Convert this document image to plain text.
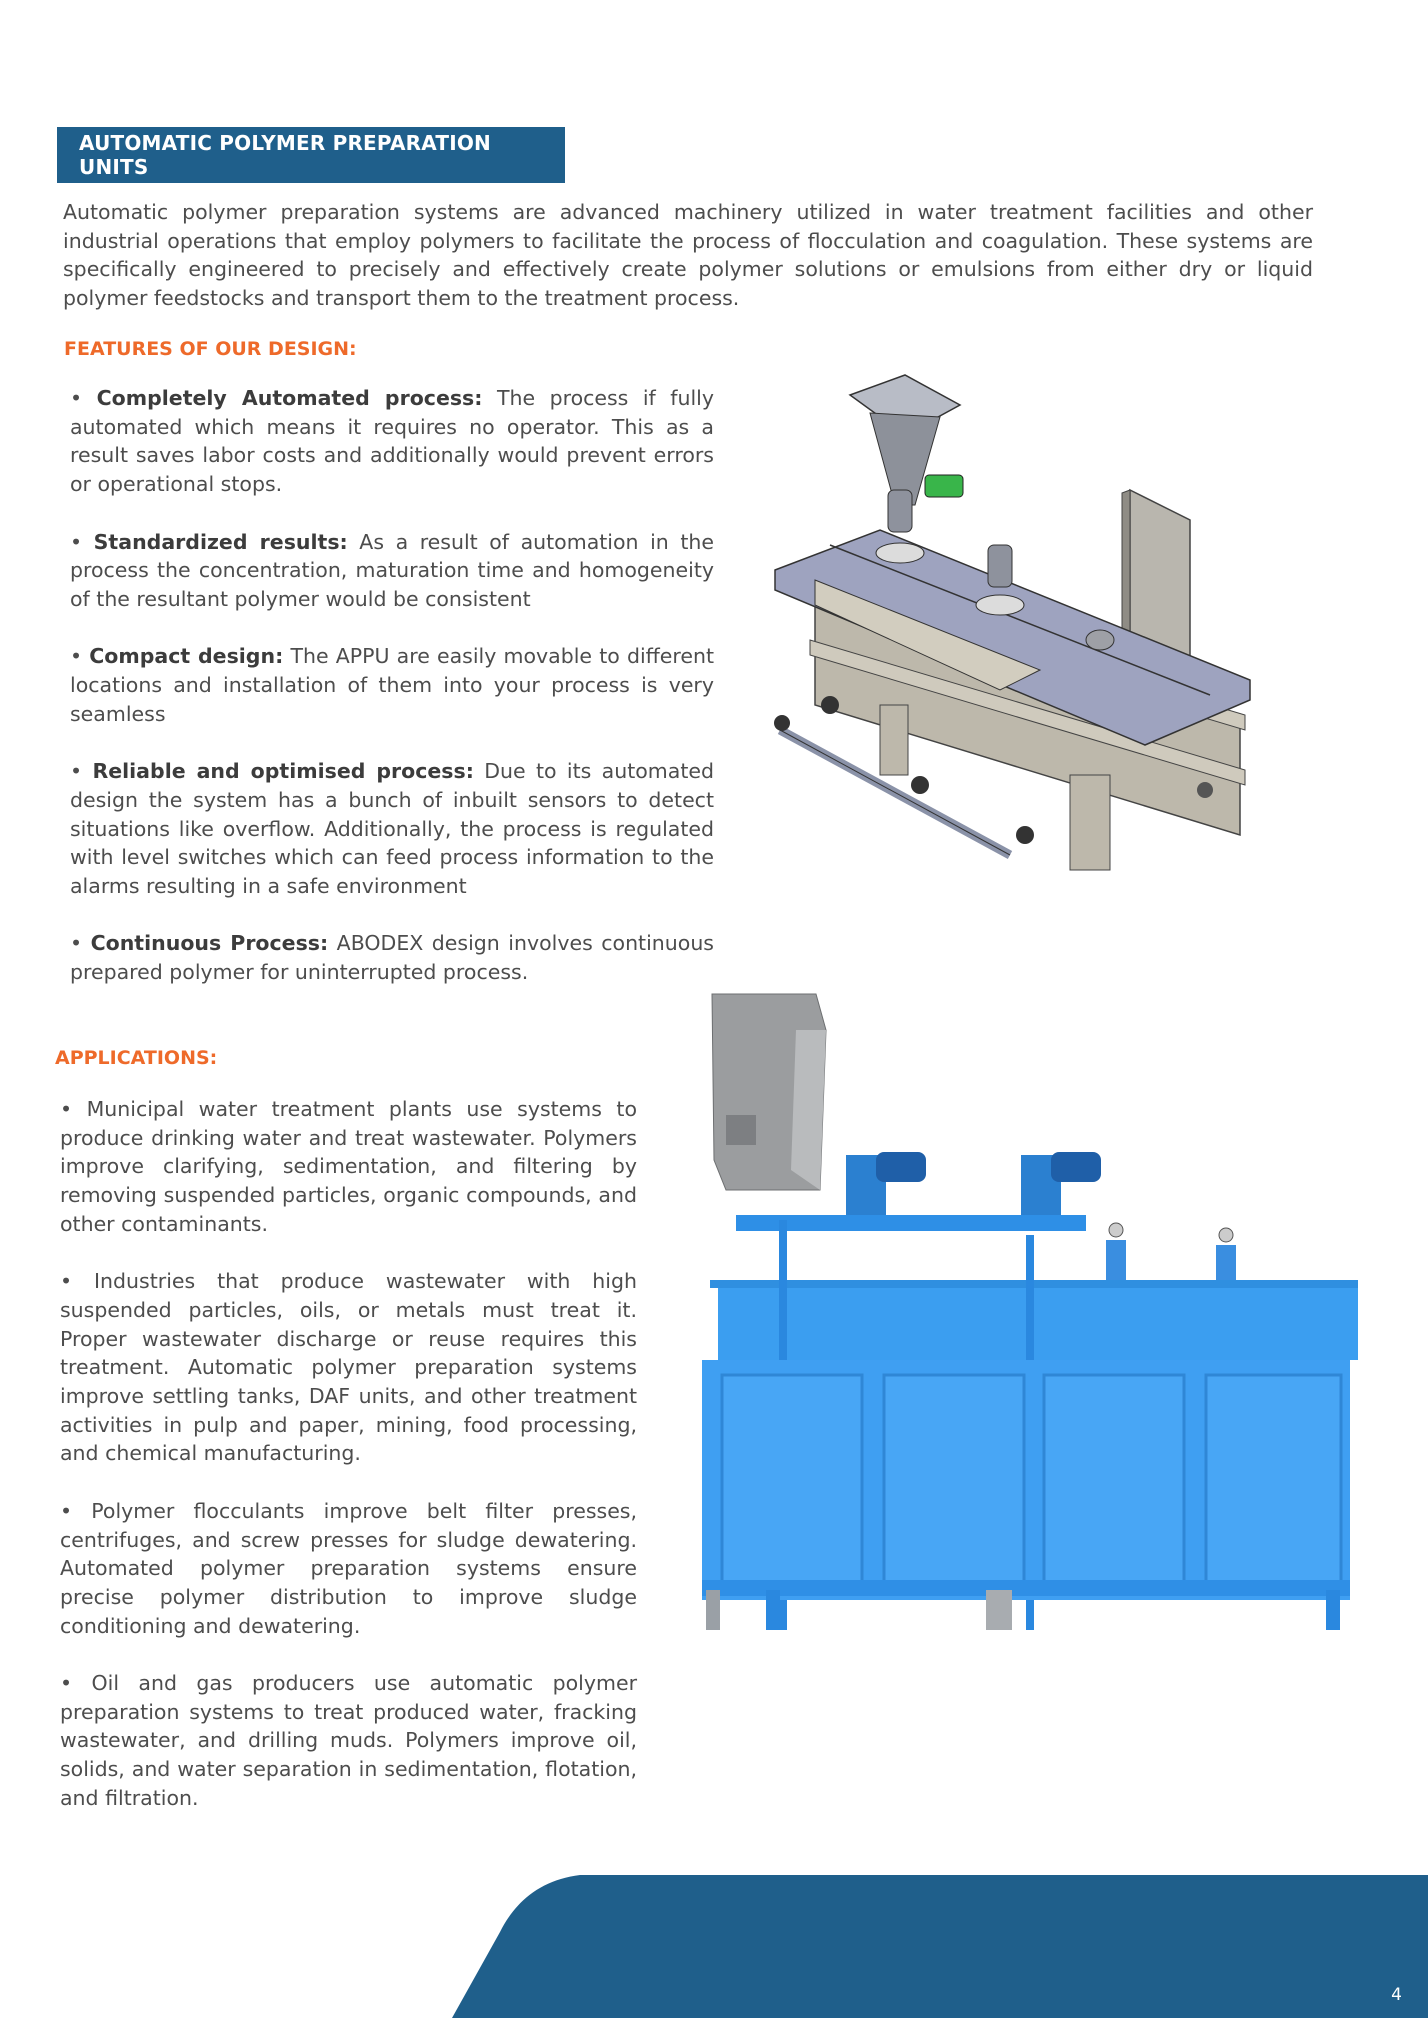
AUTOMATIC POLYMER PREPARATION UNITS
Automatic polymer preparation systems are advanced machinery utilized in water treatment facilities and other industrial operations that employ polymers to facilitate the process of flocculation and coagulation. These systems are specifically engineered to precisely and effectively create polymer solutions or emulsions from either dry or liquid polymer feedstocks and transport them to the treatment process.
FEATURES OF OUR DESIGN:

• Completely Automated process: The process if fully automated which means it requires no operator. This as a result saves labor costs and additionally would prevent errors or operational stops.

• Standardized results: As a result of automation in the process the concentration, maturation time and homogeneity of the resultant polymer would be consistent

• Compact design: The APPU are easily movable to different locations and installation of them into your process is very seamless

• Reliable and optimised process: Due to its automated design the system has a bunch of inbuilt sensors to detect situations like overflow. Additionally, the process is regulated with level switches which can feed process information to the alarms resulting in a safe environment

• Continuous Process: ABODEX design involves continuous prepared polymer for uninterrupted process.

APPLICATIONS:

• Municipal water treatment plants use systems to produce drinking water and treat wastewater. Polymers improve clarifying, sedimentation, and filtering by removing suspended particles, organic compounds, and other contaminants.

• Industries that produce wastewater with high suspended particles, oils, or metals must treat it. Proper wastewater discharge or reuse requires this treatment. Automatic polymer preparation systems improve settling tanks, DAF units, and other treatment activities in pulp and paper, mining, food processing, and chemical manufacturing.

• Polymer flocculants improve belt filter presses, centrifuges, and screw presses for sludge dewatering. Automated polymer preparation systems ensure precise polymer distribution to improve sludge conditioning and dewatering.

• Oil and gas producers use automatic polymer preparation systems to treat produced water, fracking wastewater, and drilling muds. Polymers improve oil, solids, and water separation in sedimentation, flotation, and filtration.

4
